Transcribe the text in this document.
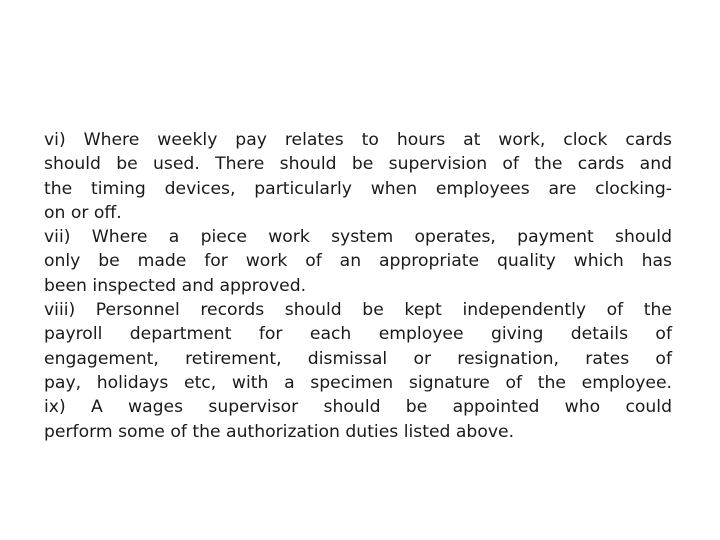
vi) Where weekly pay relates to hours at work, clock cards
should be used. There should be supervision of the cards and
the timing devices, particularly when employees are clocking-
on or off.
vii) Where a piece work system operates, payment should
only be made for work of an appropriate quality which has
been inspected and approved.
viii) Personnel records should be kept independently of the
payroll department for each employee giving details of
engagement, retirement, dismissal or resignation, rates of
pay, holidays etc, with a specimen signature of the employee.
ix) A wages supervisor should be appointed who could
perform some of the authorization duties listed above.
